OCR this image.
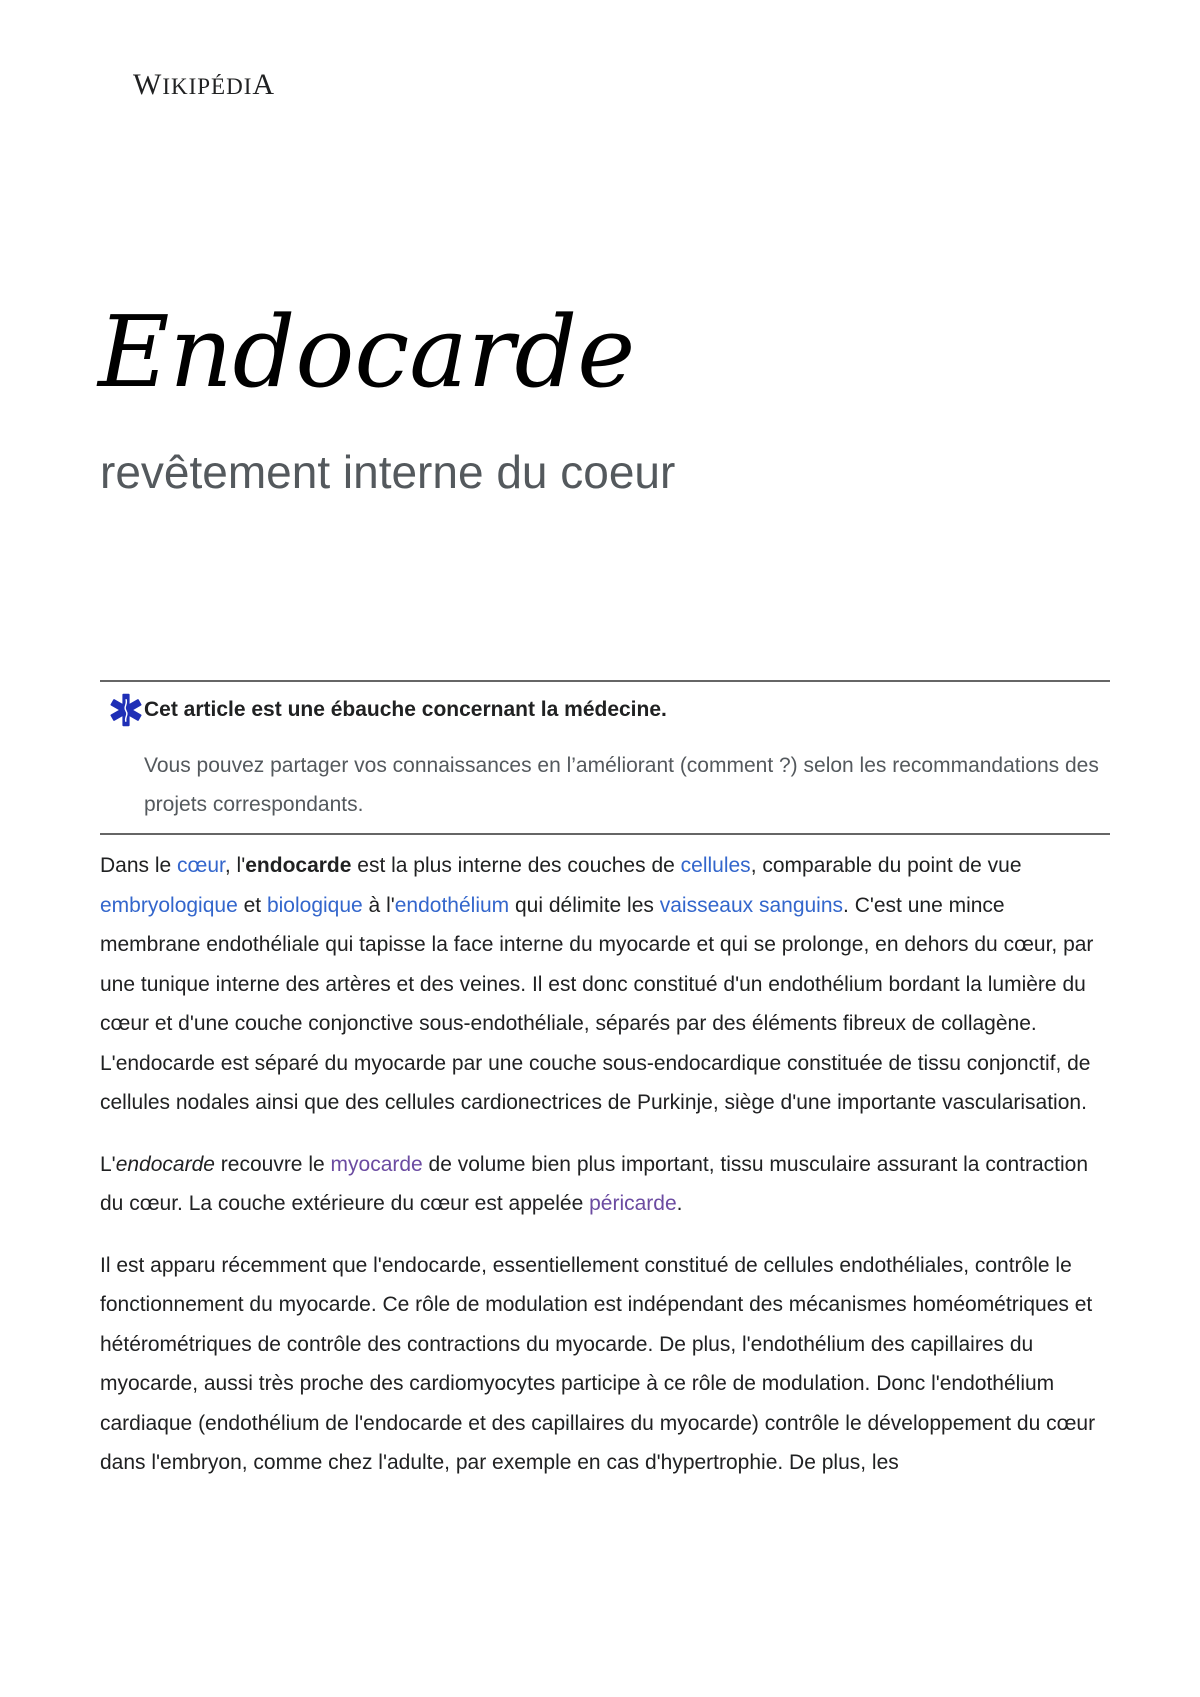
WIKIPÉDIA
Endocarde
revêtement interne du coeur
Cet article est une ébauche concernant la médecine.
Vous pouvez partager vos connaissances en l’améliorant (comment ?) selon les recommandations des projets correspondants.

Dans le cœur, l'endocarde est la plus interne des couches de cellules, comparable du point de vue embryologique et biologique à l'endothélium qui délimite les vaisseaux sanguins. C'est une mince membrane endothéliale qui tapisse la face interne du myocarde et qui se prolonge, en dehors du cœur, par une tunique interne des artères et des veines. Il est donc constitué d'un endothélium bordant la lumière du cœur et d'une couche conjonctive sous-endothéliale, séparés par des éléments fibreux de collagène. L'endocarde est séparé du myocarde par une couche sous-endocardique constituée de tissu conjonctif, de cellules nodales ainsi que des cellules cardionectrices de Purkinje, siège d'une importante vascularisation.

L'endocarde recouvre le myocarde de volume bien plus important, tissu musculaire assurant la contraction du cœur. La couche extérieure du cœur est appelée péricarde.

Il est apparu récemment que l'endocarde, essentiellement constitué de cellules endothéliales, contrôle le fonctionnement du myocarde. Ce rôle de modulation est indépendant des mécanismes homéométriques et hétérométriques de contrôle des contractions du myocarde. De plus, l'endothélium des capillaires du myocarde, aussi très proche des cardiomyocytes participe à ce rôle de modulation. Donc l'endothélium cardiaque (endothélium de l'endocarde et des capillaires du myocarde) contrôle le développement du cœur dans l'embryon, comme chez l'adulte, par exemple en cas d'hypertrophie. De plus, les
